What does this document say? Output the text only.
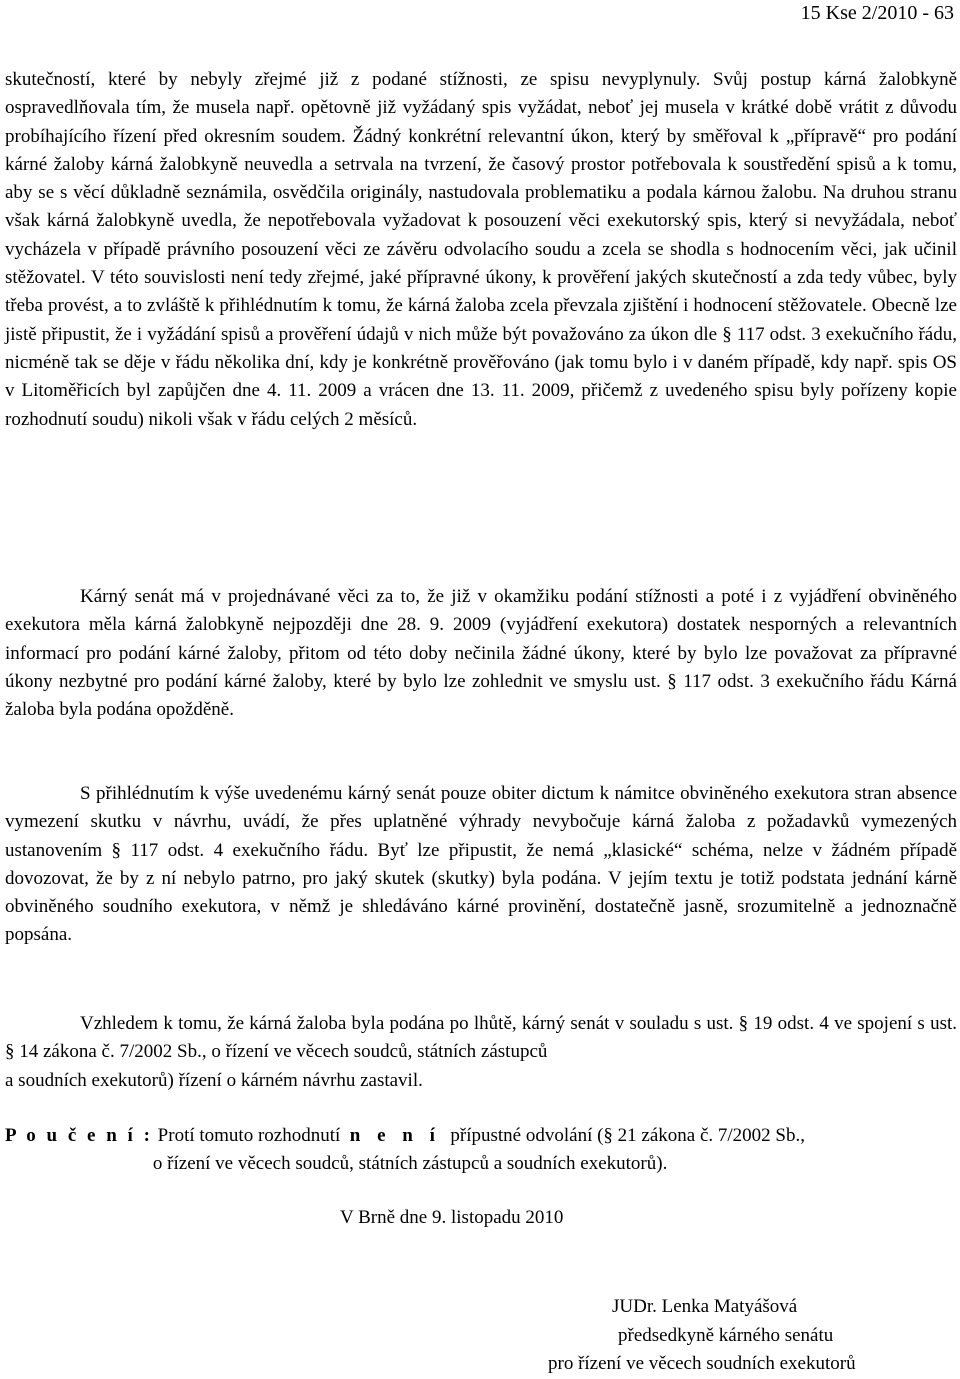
15 Kse 2/2010 - 63

skutečností, které by nebyly zřejmé již z podané stížnosti, ze spisu nevyplynuly. Svůj postup kárná žalobkyně ospravedlňovala tím, že musela např. opětovně již vyžádaný spis vyžádat, neboť jej musela v krátké době vrátit z důvodu probíhajícího řízení před okresním soudem. Žádný konkrétní relevantní úkon, který by směřoval k „přípravě“ pro podání kárné žaloby kárná žalobkyně neuvedla a setrvala na tvrzení, že časový prostor potřebovala k soustředění spisů a k tomu, aby se s věcí důkladně seznámila, osvědčila originály, nastudovala problematiku a podala kárnou žalobu. Na druhou stranu však kárná žalobkyně uvedla, že nepotřebovala vyžadovat k posouzení věci exekutorský spis, který si nevyžádala, neboť vycházela v případě právního posouzení věci ze závěru odvolacího soudu a zcela se shodla s hodnocením věci, jak učinil stěžovatel. V této souvislosti není tedy zřejmé, jaké přípravné úkony, k prověření jakých skutečností a zda tedy vůbec, byly třeba provést, a to zvláště k přihlédnutím k tomu, že kárná žaloba zcela převzala zjištění i hodnocení stěžovatele. Obecně lze jistě připustit, že i vyžádání spisů a prověření údajů v nich může být považováno za úkon dle § 117 odst. 3 exekučního řádu, nicméně tak se děje v řádu několika dní, kdy je konkrétně prověřováno (jak tomu bylo i v daném případě, kdy např. spis OS v Litoměřicích byl zapůjčen dne 4. 11. 2009 a vrácen dne 13. 11. 2009, přičemž z uvedeného spisu byly pořízeny kopie rozhodnutí soudu) nikoli však v řádu celých 2 měsíců.

Kárný senát má v projednávané věci za to, že již v okamžiku podání stížnosti a poté i z vyjádření obviněného exekutora měla kárná žalobkyně nejpozději dne 28. 9. 2009 (vyjádření exekutora) dostatek nesporných a relevantních informací pro podání kárné žaloby, přitom od této doby nečinila žádné úkony, které by bylo lze považovat za přípravné úkony nezbytné pro podání kárné žaloby, které by bylo lze zohlednit ve smyslu ust. § 117 odst. 3 exekučního řádu Kárná žaloba byla podána opožděně.

S přihlédnutím k výše uvedenému kárný senát pouze obiter dictum k námitce obviněného exekutora stran absence vymezení skutku v návrhu, uvádí, že přes uplatněné výhrady nevybočuje kárná žaloba z požadavků vymezených ustanovením § 117 odst. 4 exekučního řádu. Byť lze připustit, že nemá „klasické“ schéma, nelze v žádném případě dovozovat, že by z ní nebylo patrno, pro jaký skutek (skutky) byla podána. V jejím textu je totiž podstata jednání kárně obviněného soudního exekutora, v němž je shledáváno kárné provinění, dostatečně jasně, srozumitelně a jednoznačně popsána.

Vzhledem k tomu, že kárná žaloba byla podána po lhůtě, kárný senát v souladu s ust. § 19 odst. 4 ve spojení s ust. § 14 zákona č. 7/2002 Sb., o řízení ve věcech soudců, státních zástupců

a soudních exekutorů) řízení o kárném návrhu zastavil.

P o u č e n í : Protí tomuto rozhodnutí n e n í přípustné odvolání (§ 21 zákona č. 7/2002 Sb.,
o řízení ve věcech soudců, státních zástupců a soudních exekutorů).
V Brně dne 9. listopadu 2010
JUDr. Lenka Matyášová
předsedkyně kárného senátu
pro řízení ve věcech soudních exekutorů
